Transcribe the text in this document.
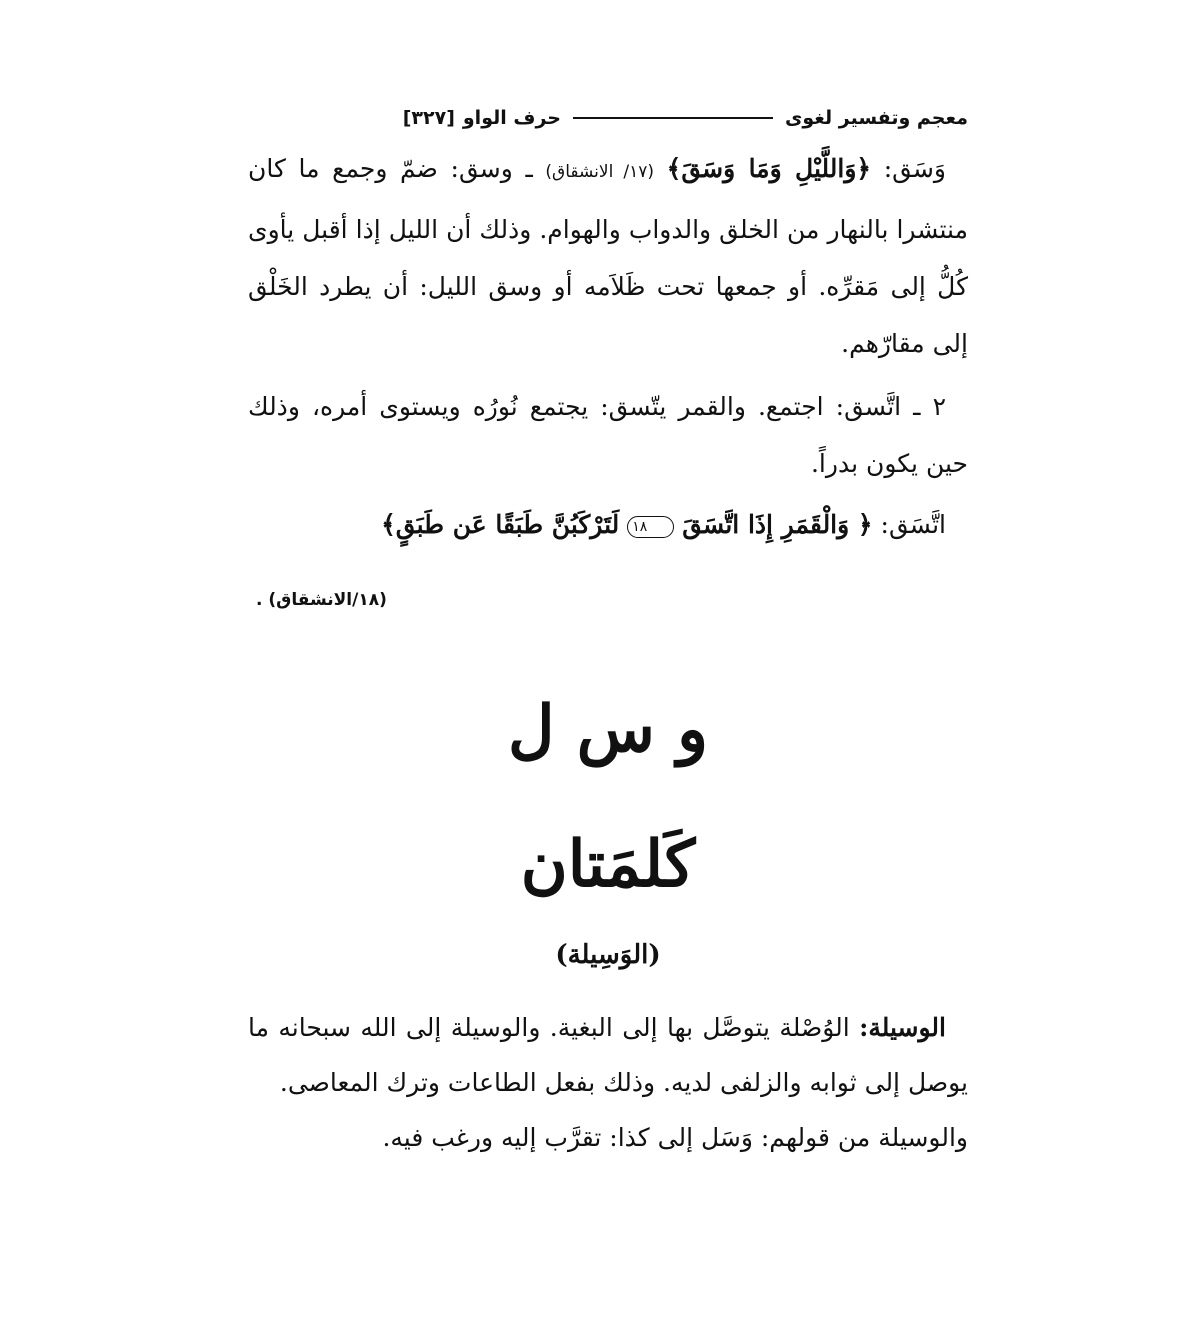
معجم وتفسير لغوى
حرف الواو
[٣٢٧]

وَسَق: ﴿وَاللَّيْلِ وَمَا وَسَقَ﴾ (١٧/ الانشقاق) ـ وسق: ضمّ وجمع ما كان منتشرا بالنهار من الخلق والدواب والهوام. وذلك أن الليل إذا أقبل يأوى كُلُّ إلى مَقرِّه. أو جمعها تحت ظَلاَمه أو وسق الليل: أن يطرد الخَلْق إلى مقارّهم.

٢ ـ اتَّسق: اجتمع. والقمر يتّسق: يجتمع نُورُه ويستوى أمره، وذلك حين يكون بدراً.

اتَّسَق: ﴿ وَالْقَمَرِ إِذَا اتَّسَقَ ١٨ لَتَرْكَبُنَّ طَبَقًا عَن طَبَقٍ﴾

(١٨/الانشقاق) .
و س ل
كَلمَتان
(الوَسِيلة)

الوسيلة: الوُصْلة يتوصَّل بها إلى البغية. والوسيلة إلى الله سبحانه ما يوصل إلى ثوابه والزلفى لديه. وذلك بفعل الطاعات وترك المعاصى.
والوسيلة من قولهم: وَسَل إلى كذا: تقرَّب إليه ورغب فيه.
